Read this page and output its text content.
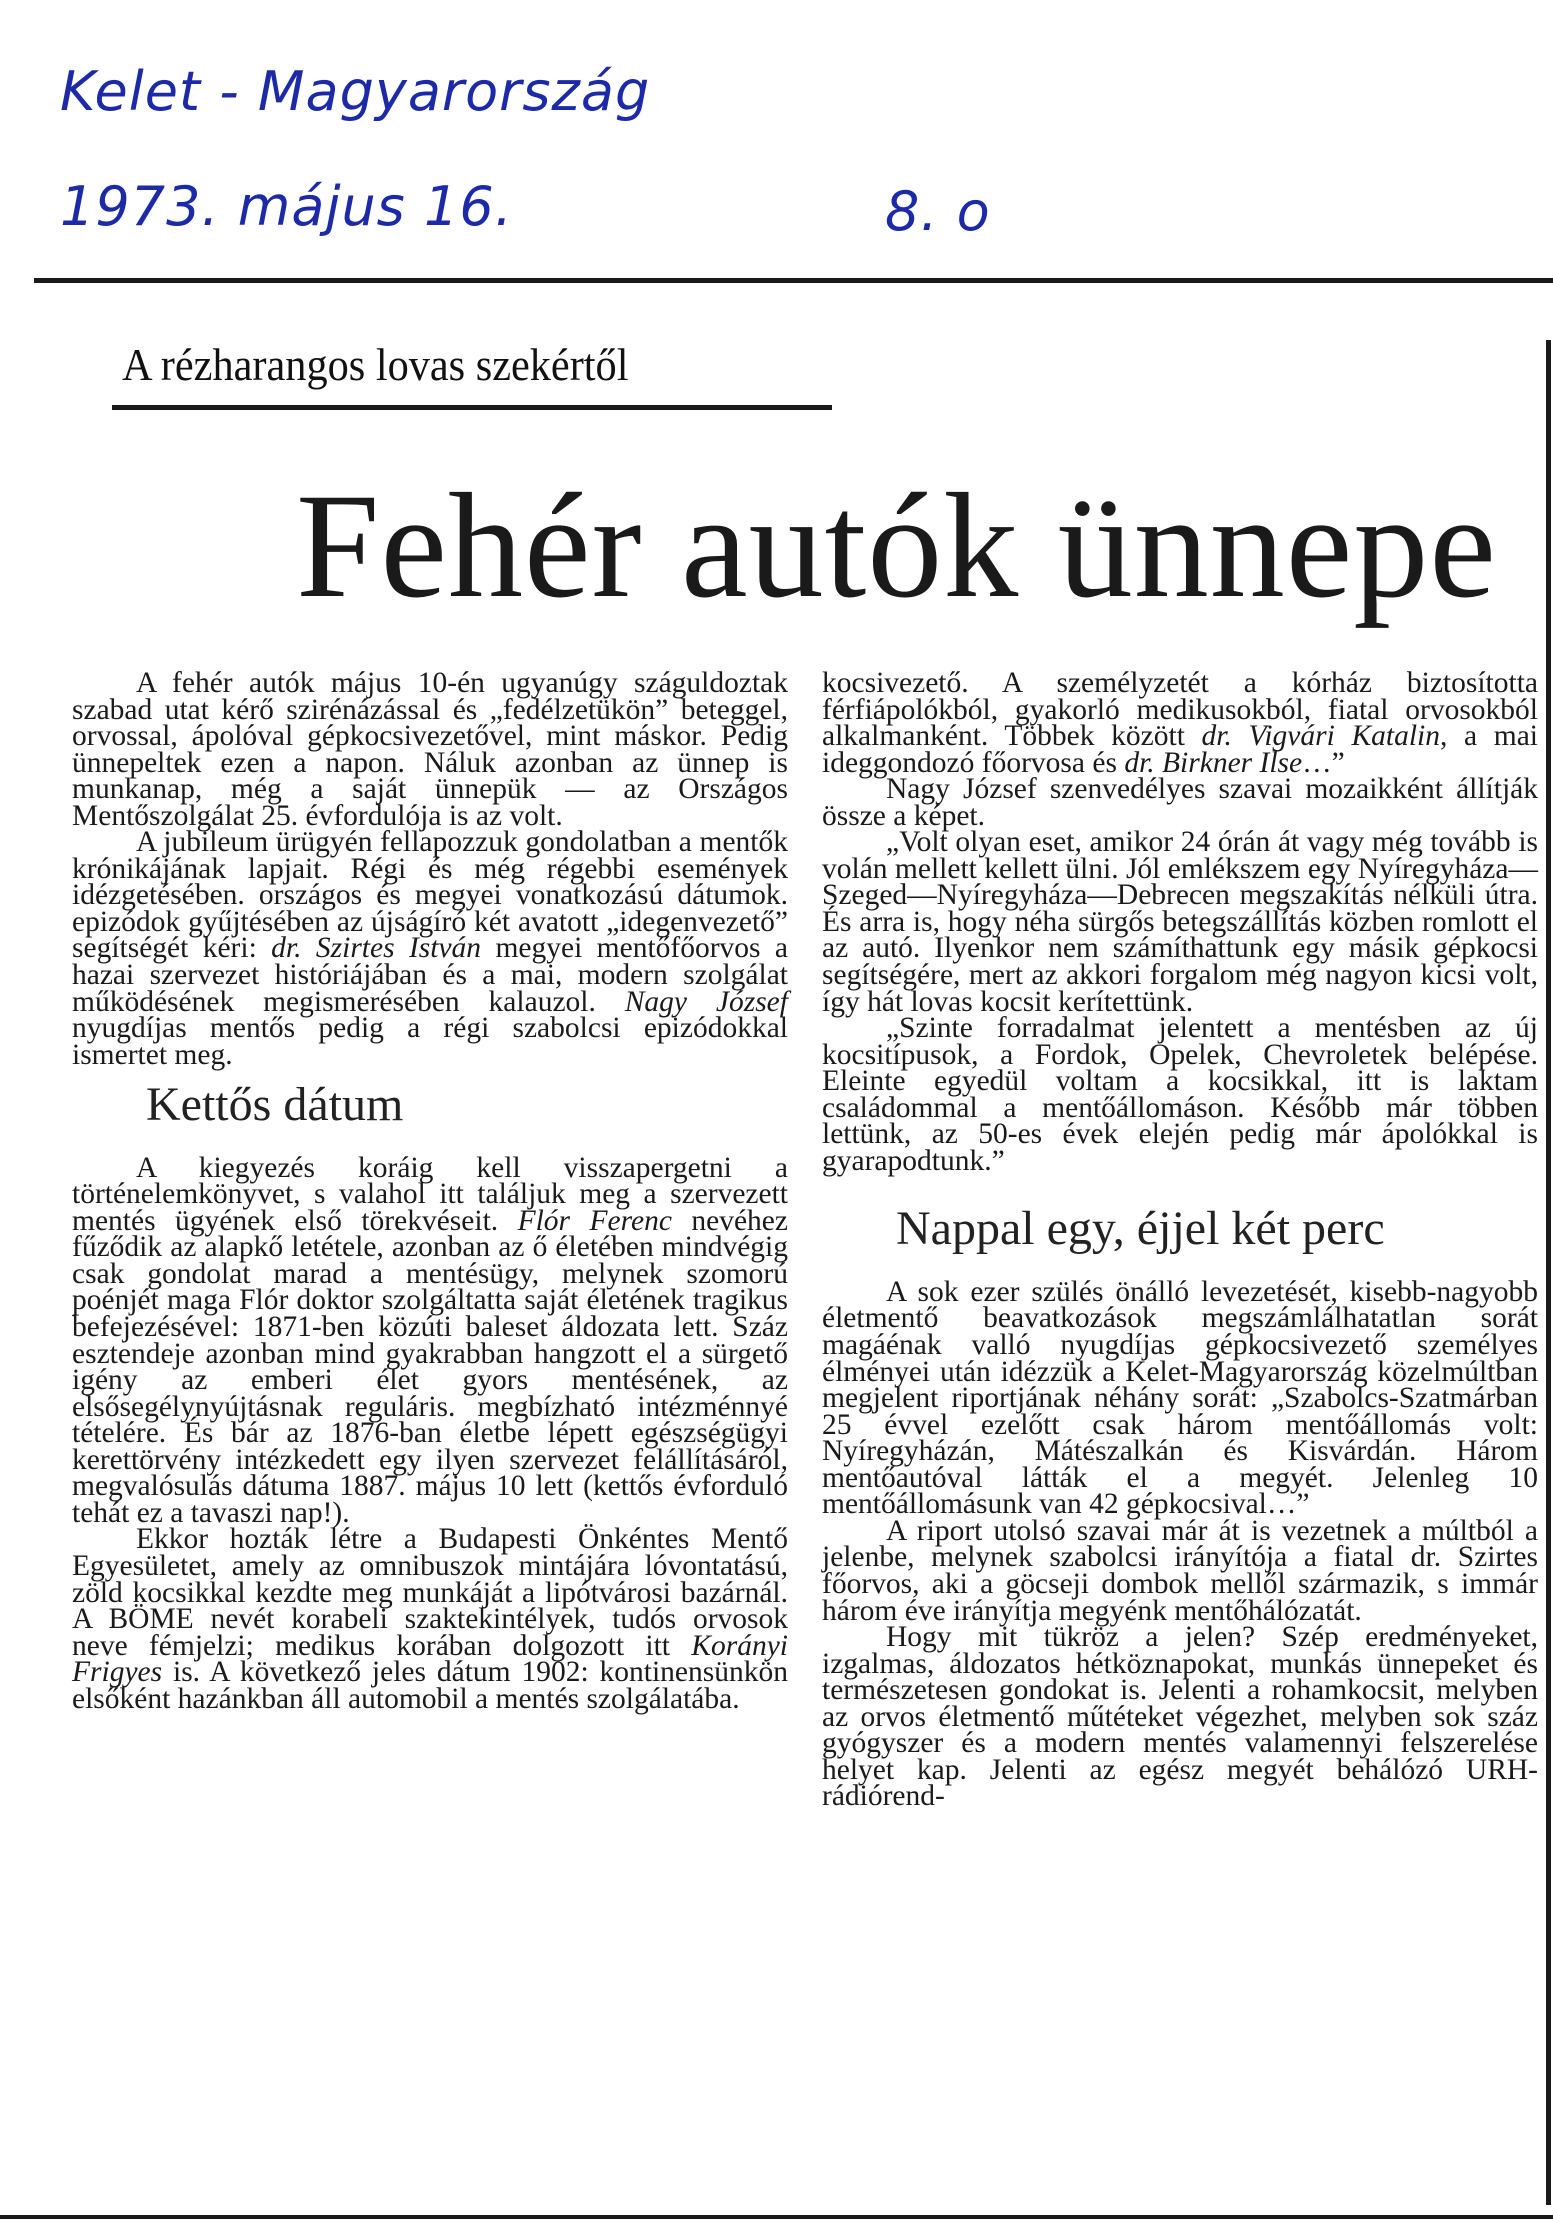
Kelet - Magyarország
1973. május 16.	8. o
A rézharangos lovas szekértől
Fehér autók ünnepe

A fehér autók május 10-én ugyanúgy száguldoztak szabad utat kérő szirénázással és „fedélzetükön” beteggel, orvossal, ápolóval gépkocsivezetővel, mint máskor. Pedig ünnepeltek ezen a napon. Náluk azonban az ünnep is munkanap, még a saját ünnepük — az Országos Mentőszolgálat 25. évfordulója is az volt.

A jubileum ürügyén fellapozzuk gondolatban a mentők krónikájának lapjait. Régi és még régebbi események idézgetésében. országos és megyei vonatkozású dátumok. epizódok gyűjtésében az újságíró két avatott „idegenvezető” segítségét kéri: dr. Szirtes István megyei mentőfőorvos a hazai szervezet históriájában és a mai, modern szolgálat működésének megismerésében kalauzol. Nagy József nyugdíjas mentős pedig a régi szabolcsi epizódokkal ismertet meg.

Kettős dátum

A kiegyezés koráig kell visszapergetni a történelemkönyvet, s valahol itt találjuk meg a szervezett mentés ügyének első törekvéseit. Flór Ferenc nevéhez fűződik az alapkő letétele, azonban az ő életében mindvégig csak gondolat marad a mentésügy, melynek szomorú poénjét maga Flór doktor szolgáltatta saját életének tragikus befejezésével: 1871-ben közúti baleset áldozata lett. Száz esztendeje azonban mind gyakrabban hangzott el a sürgető igény az emberi élet gyors mentésének, az elsősegélynyújtásnak reguláris. megbízható intézménnyé tételére. És bár az 1876-ban életbe lépett egészségügyi kerettörvény intézkedett egy ilyen szervezet felállításáról, megvalósulás dátuma 1887. május 10 lett (kettős évforduló tehát ez a tavaszi nap!).

Ekkor hozták létre a Budapesti Önkéntes Mentő Egyesületet, amely az omnibuszok mintájára lóvontatású, zöld kocsikkal kezdte meg munkáját a lipótvárosi bazárnál. A BÖME nevét korabeli szaktekintélyek, tudós orvosok neve fémjelzi; medikus korában dolgozott itt Korányi Frigyes is. A következő jeles dátum 1902: kontinensünkön elsőként hazánkban áll automobil a mentés szolgálatába.

kocsivezető. A személyzetét a kórház biztosította férfiápolókból, gyakorló medikusokból, fiatal orvosokból alkalmanként. Többek között dr. Vigvári Katalin, a mai ideggondozó főorvosa és dr. Birkner Ilse…”

Nagy József szenvedélyes szavai mozaikként állítják össze a képet.

„Volt olyan eset, amikor 24 órán át vagy még tovább is volán mellett kellett ülni. Jól emlékszem egy Nyíregyháza—Szeged—Nyíregyháza—Debrecen megszakítás nélküli útra. És arra is, hogy néha sürgős betegszállítás közben romlott el az autó. Ilyenkor nem számíthattunk egy másik gépkocsi segítségére, mert az akkori forgalom még nagyon kicsi volt, így hát lovas kocsit kerítettünk.

„Szinte forradalmat jelentett a mentésben az új kocsitípusok, a Fordok, Opelek, Chevroletek belépése. Eleinte egyedül voltam a kocsikkal, itt is laktam családommal a mentőállomáson. Később már többen lettünk, az 50-es évek elején pedig már ápolókkal is gyarapodtunk.”

Nappal egy, éjjel két perc

A sok ezer szülés önálló levezetését, kisebb-nagyobb életmentő beavatkozások megszámlálhatatlan sorát magáénak valló nyugdíjas gépkocsivezető személyes élményei után idézzük a Kelet-Magyarország közelmúltban megjelent riportjának néhány sorát: „Szabolcs-Szatmárban 25 évvel ezelőtt csak három mentőállomás volt: Nyíregyházán, Mátészalkán és Kisvárdán. Három mentőautóval látták el a megyét. Jelenleg 10 mentőállomásunk van 42 gépkocsival…”

A riport utolsó szavai már át is vezetnek a múltból a jelenbe, melynek szabolcsi irányítója a fiatal dr. Szirtes főorvos, aki a göcseji dombok mellől származik, s immár három éve irányítja megyénk mentőhálózatát.

Hogy mit tükröz a jelen? Szép eredményeket, izgalmas, áldozatos hétköznapokat, munkás ünnepeket és természetesen gondokat is. Jelenti a rohamkocsit, melyben az orvos életmentő műtéteket végezhet, melyben sok száz gyógyszer és a modern mentés valamennyi felszerelése helyet kap. Jelenti az egész megyét behálózó URH-rádiórend-
